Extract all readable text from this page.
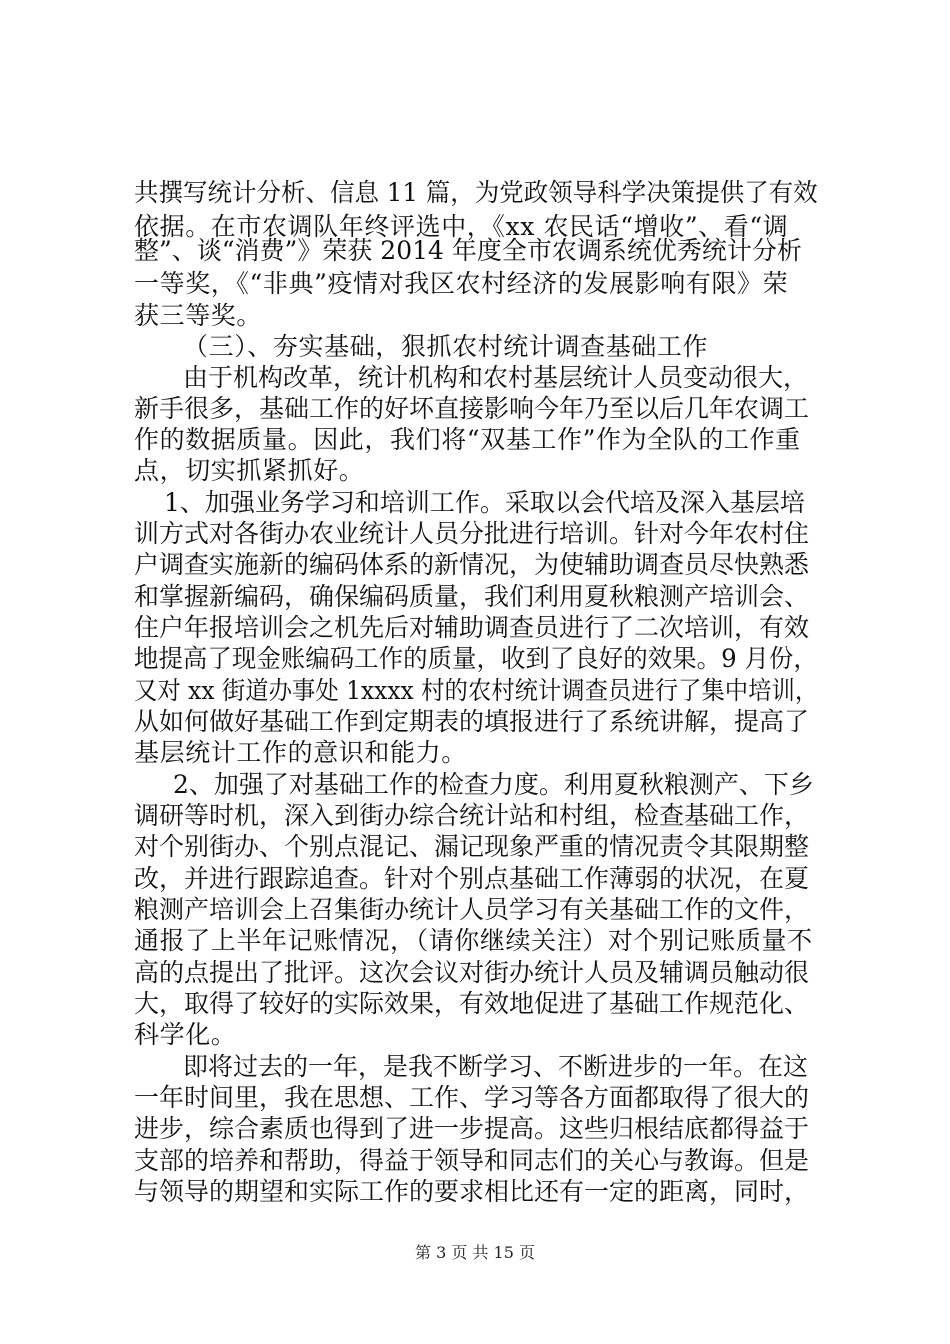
共撰写统计分析、信息 11 篇，为党政领导科学决策提供了有效
依据。在市农调队年终评选中，《xx 农民话“增收”、看“调
整”、谈“消费”》荣获 2014 年度全市农调系统优秀统计分析
一等奖，《“非典”疫情对我区农村经济的发展影响有限》荣
获三等奖。
（三）、夯实基础，狠抓农村统计调查基础工作
由于机构改革，统计机构和农村基层统计人员变动很大，
新手很多，基础工作的好坏直接影响今年乃至以后几年农调工
作的数据质量。因此，我们将“双基工作”作为全队的工作重
点，切实抓紧抓好。
1、加强业务学习和培训工作。采取以会代培及深入基层培
训方式对各街办农业统计人员分批进行培训。针对今年农村住
户调查实施新的编码体系的新情况，为使辅助调查员尽快熟悉
和掌握新编码，确保编码质量，我们利用夏秋粮测产培训会、
住户年报培训会之机先后对辅助调查员进行了二次培训，有效
地提高了现金账编码工作的质量，收到了良好的效果。9 月份，
又对 xx 街道办事处 1xxxx 村的农村统计调查员进行了集中培训，
从如何做好基础工作到定期表的填报进行了系统讲解，提高了
基层统计工作的意识和能力。
2、加强了对基础工作的检查力度。利用夏秋粮测产、下乡
调研等时机，深入到街办综合统计站和村组，检查基础工作，
对个别街办、个别点混记、漏记现象严重的情况责令其限期整
改，并进行跟踪追查。针对个别点基础工作薄弱的状况，在夏
粮测产培训会上召集街办统计人员学习有关基础工作的文件，
通报了上半年记账情况，（请你继续关注）对个别记账质量不
高的点提出了批评。这次会议对街办统计人员及辅调员触动很
大，取得了较好的实际效果，有效地促进了基础工作规范化、
科学化。
即将过去的一年，是我不断学习、不断进步的一年。在这
一年时间里，我在思想、工作、学习等各方面都取得了很大的
进步，综合素质也得到了进一步提高。这些归根结底都得益于
支部的培养和帮助，得益于领导和同志们的关心与教诲。但是
与领导的期望和实际工作的要求相比还有一定的距离，同时，
第 3 页 共 15 页
